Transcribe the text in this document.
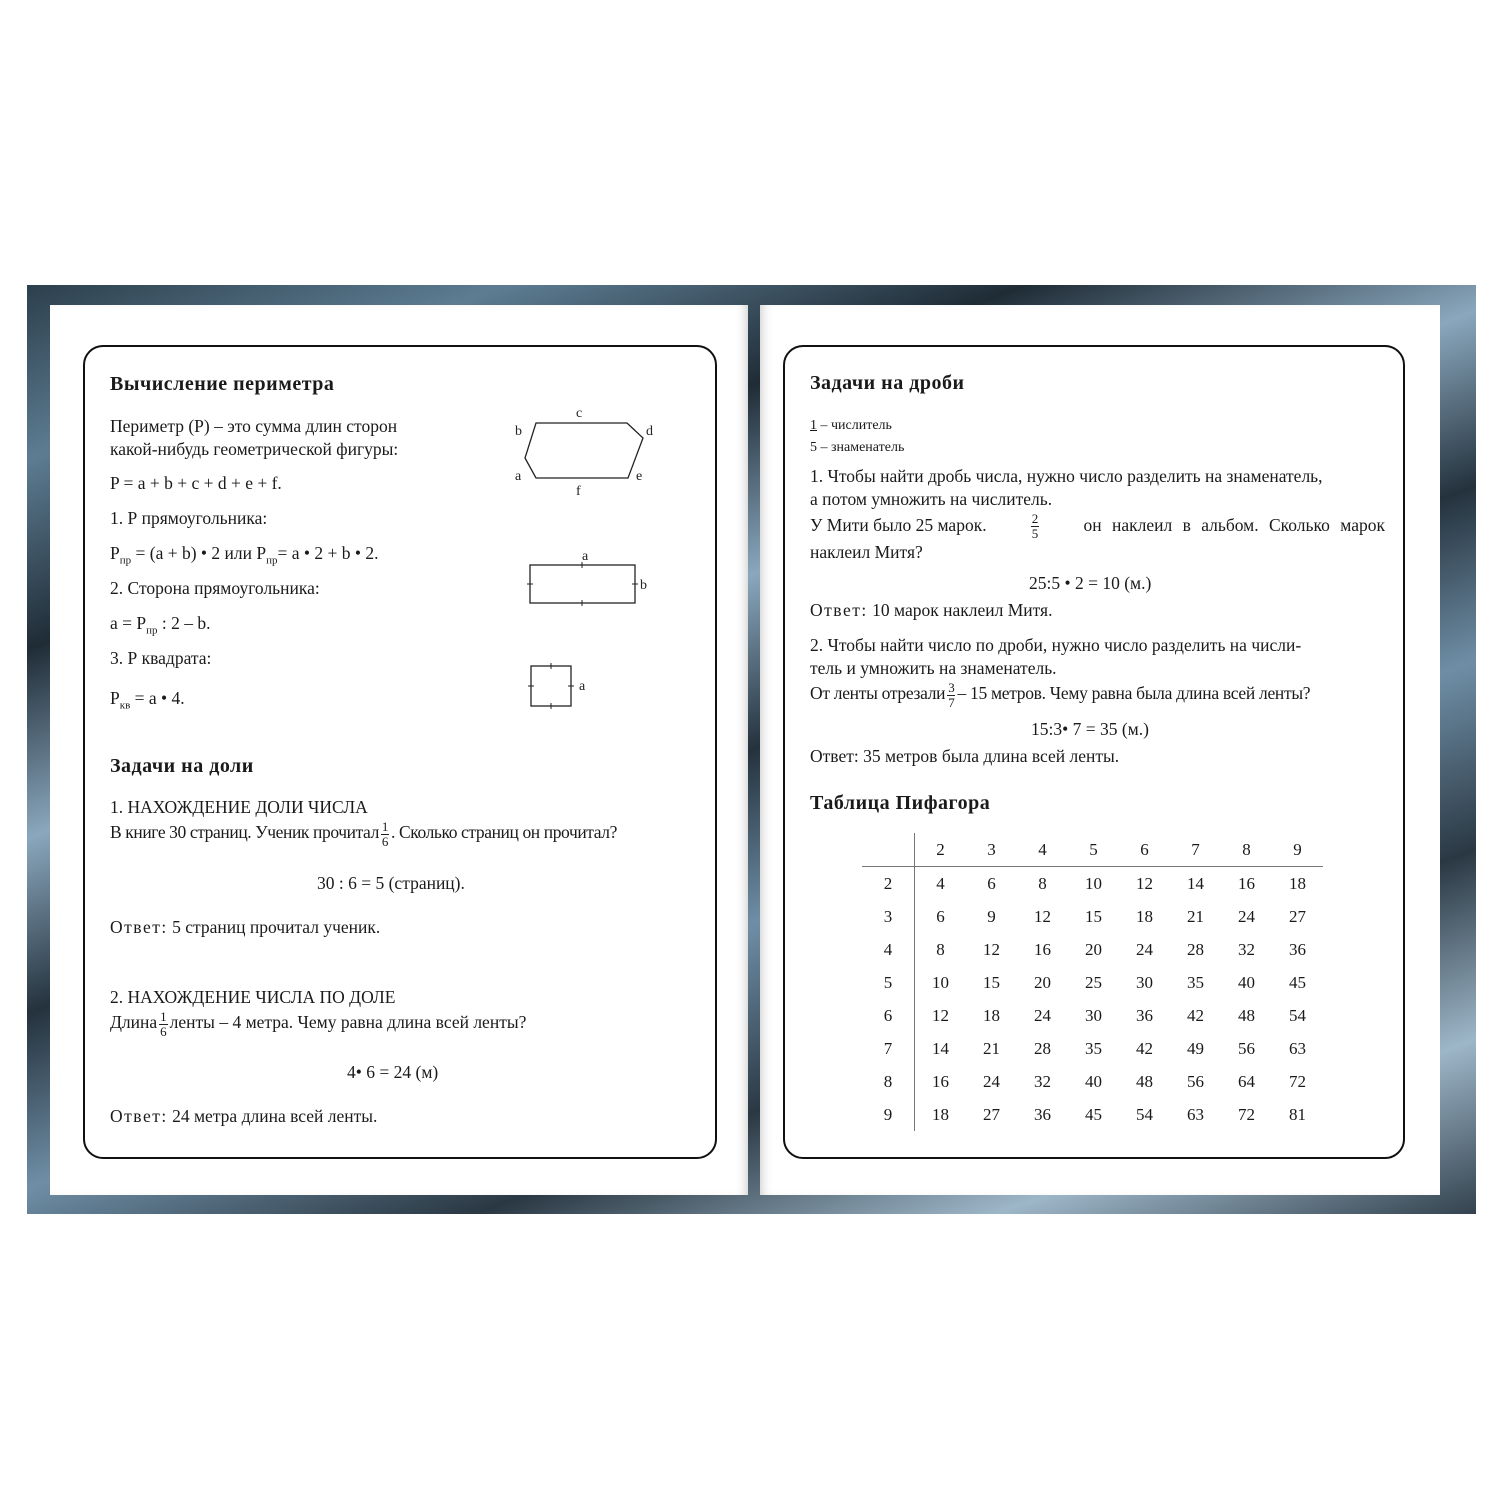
Вычисление периметра
Периметр (Р) – это сумма длин сторон
какой-нибудь геометрической фигуры:
P = a + b + c + d + e + f.
1. Р прямоугольника:
$P_{пр} = (a + b)$ • 2 или $P_{пр}= a$ • 2 + b • 2.
2. Сторона прямоугольника:
$a = P_{пр}$ : 2 – b.
3. Р квадрата:
$P_{кв} = a$ • 4.
c
b	d
a	e
f
a
b
a
Задачи на доли
1. НАХОЖДЕНИЕ ДОЛИ ЧИСЛА
В книге 30 страниц. Ученик прочитал $\frac{1}{6}$ . Сколько страниц он прочитал?
30 : 6 = 5 (страниц).
Ответ: 5 страниц прочитал ученик.
2. НАХОЖДЕНИЕ ЧИСЛА ПО ДОЛЕ
Длина $\frac{1}{6}$ ленты – 4 метра. Чему равна длина всей ленты?
4• 6 = 24 (м)
Ответ: 24 метра длина всей ленты.
Задачи на дроби
1 – числитель
5 – знаменатель
1. Чтобы найти дробь числа, нужно число разделить на знаменатель,
а потом умножить на числитель.
У Мити было 25 марок.	$\frac{2}{5}$	он наклеил в альбом. Сколько марок
наклеил Митя?
25:5 • 2 = 10 (м.)
Ответ: 10 марок наклеил Митя.
2. Чтобы найти число по дроби, нужно число разделить на числи-
тель и умножить на знаменатель.
От ленты отрезали $\frac{3}{7} - 15$ метров. Чему равна была длина всей ленты?
15:3• 7 = 35 (м.)
Ответ: 35 метров была длина всей ленты.
Таблица Пифагора
	2	3	4	5	6	7	8	9
2	4	6	8	10	12	14	16	18
3	6	9	12	15	18	21	24	27
4	8	12	16	20	24	28	32	36
5	10	15	20	25	30	35	40	45
6	12	18	24	30	36	42	48	54
7	14	21	28	35	42	49	56	63
8	16	24	32	40	48	56	64	72
9	18	27	36	45	54	63	72	81
